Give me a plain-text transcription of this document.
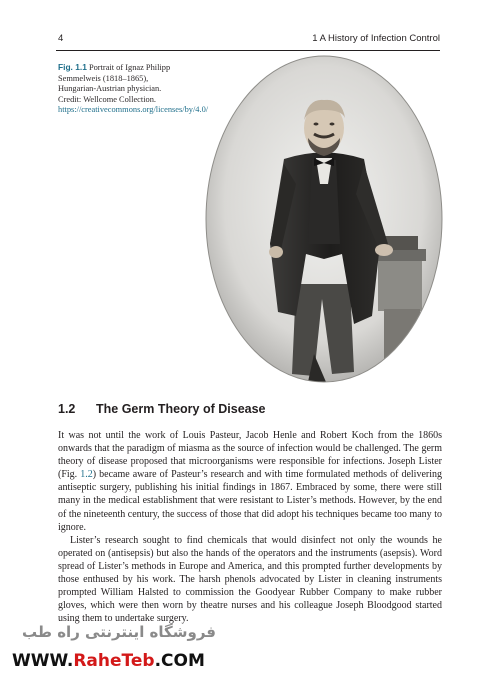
4	1 A History of Infection Control
Fig. 1.1 Portrait of Ignaz Philipp Semmelweis (1818–1865), Hungarian-Austrian physician. Credit: Wellcome Collection. https://creativecommons.org/licenses/by/4.0/
1.2 The Germ Theory of Disease

It was not until the work of Louis Pasteur, Jacob Henle and Robert Koch from the 1860s onwards that the paradigm of miasma as the source of infection would be challenged. The germ theory of disease proposed that microorganisms were responsible for infections. Joseph Lister (Fig. 1.2) became aware of Pasteur’s research and with time formulated methods of delivering antiseptic surgery, publishing his initial findings in 1867. Embraced by some, there were still many in the medical establishment that were resistant to Lister’s methods. However, by the end of the nineteenth century, the success of those that did adopt his techniques became too many to ignore.

Lister’s research sought to find chemicals that would disinfect not only the wounds he operated on (antisepsis) but also the hands of the operators and the instruments (asepsis). Word spread of Lister’s methods in Europe and America, and this prompted further developments by those enthused by his work. The harsh phenols advocated by Lister in cleaning instruments prompted William Halsted to commission the Goodyear Rubber Company to make rubber gloves, which were then worn by theatre nurses and his colleague Joseph Bloodgood started using them to undertake surgery.

فروشگاه اینترنتی راه طب
WWW.RaheTeb.COM
